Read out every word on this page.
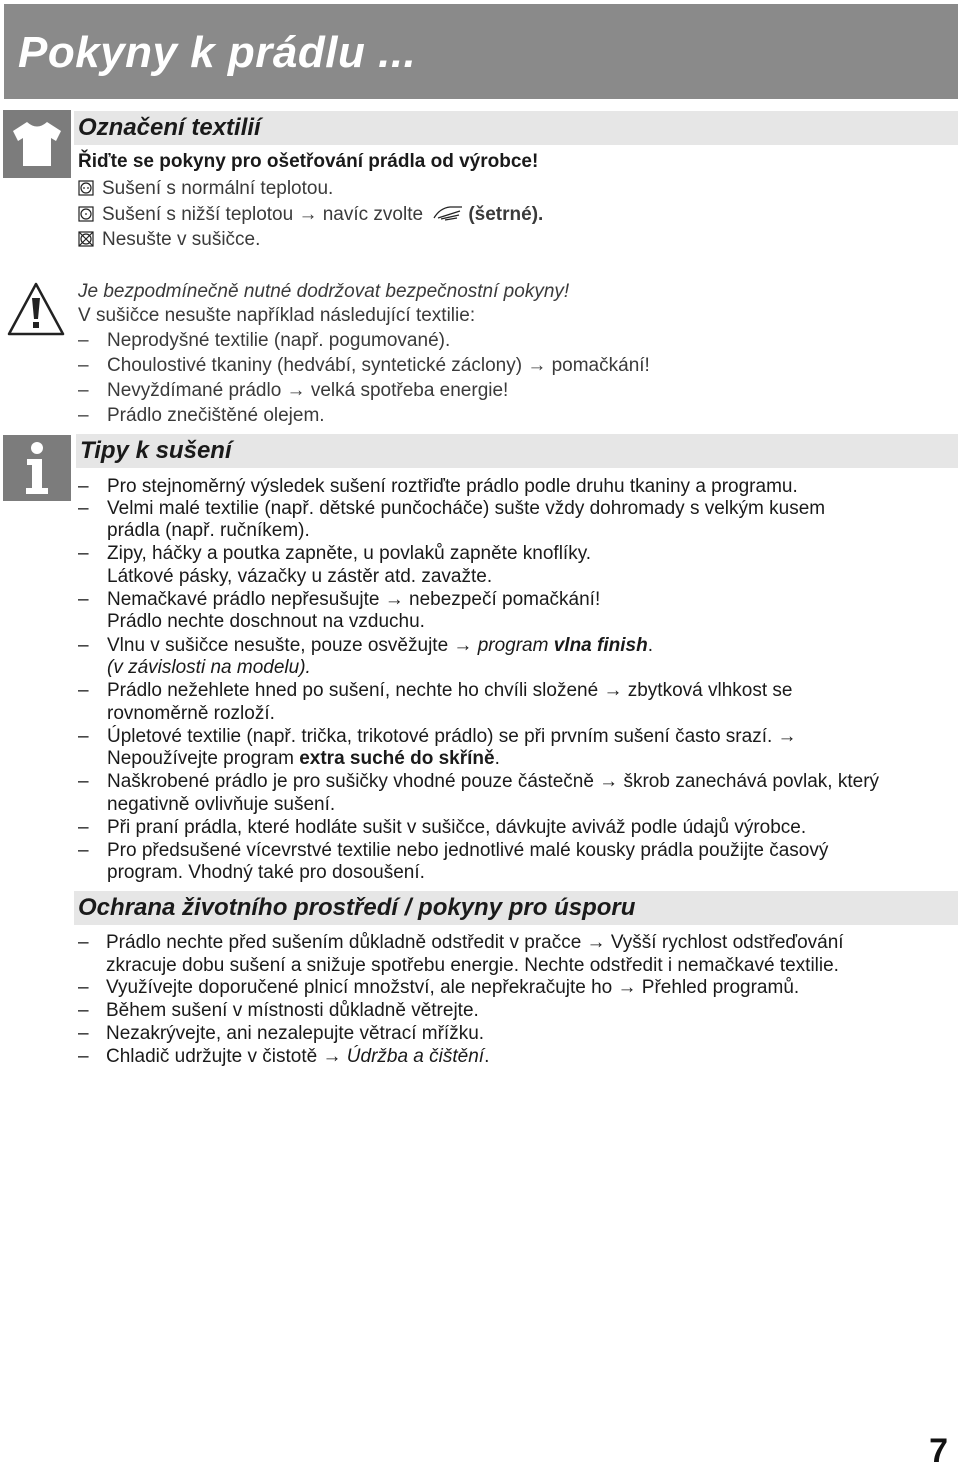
Pokyny k prádlu ...
Označení textilií
Řiďte se pokyny pro ošetřování prádla od výrobce!
Sušení s normální teplotou.
Sušení s nižší teplotou → navíc zvolte (šetrné).
Nesušte v sušičce.
Je bezpodmínečně nutné dodržovat bezpečnostní pokyny!
V sušičce nesušte například následující textilie:
– Neprodyšné textilie (např. pogumované).
– Choulostivé tkaniny (hedvábí, syntetické záclony) → pomačkání!
– Nevyždímané prádlo → velká spotřeba energie!
– Prádlo znečištěné olejem.
Tipy k sušení
– Pro stejnoměrný výsledek sušení roztřiďte prádlo podle druhu tkaniny a programu.
– Velmi malé textilie (např. dětské punčocháče) sušte vždy dohromady s velkým kusem
prádla (např. ručníkem).
– Zipy, háčky a poutka zapněte, u povlaků zapněte knoflíky.
Látkové pásky, vázačky u zástěr atd. zavažte.
– Nemačkavé prádlo nepřesušujte → nebezpečí pomačkání!
Prádlo nechte doschnout na vzduchu.
– Vlnu v sušičce nesušte, pouze osvěžujte → program vlna finish.
(v závislosti na modelu).
– Prádlo nežehlete hned po sušení, nechte ho chvíli složené → zbytková vlhkost se
rovnoměrně rozloží.
– Úpletové textilie (např. trička, trikotové prádlo) se při prvním sušení často srazí. →
Nepoužívejte program extra suché do skříně.
– Naškrobené prádlo je pro sušičky vhodné pouze částečně → škrob zanechává povlak, který
negativně ovlivňuje sušení.
– Při praní prádla, které hodláte sušit v sušičce, dávkujte aviváž podle údajů výrobce.
– Pro předsušené vícevrstvé textilie nebo jednotlivé malé kousky prádla použijte časový
program. Vhodný také pro dosoušení.
Ochrana životního prostředí / pokyny pro úsporu
– Prádlo nechte před sušením důkladně odstředit v pračce → Vyšší rychlost odstřeďování
zkracuje dobu sušení a snižuje spotřebu energie. Nechte odstředit i nemačkavé textilie.
– Využívejte doporučené plnicí množství, ale nepřekračujte ho → Přehled programů.
– Během sušení v místnosti důkladně větrejte.
– Nezakrývejte, ani nezalepujte větrací mřížku.
– Chladič udržujte v čistotě → Údržba a čištění.
7
